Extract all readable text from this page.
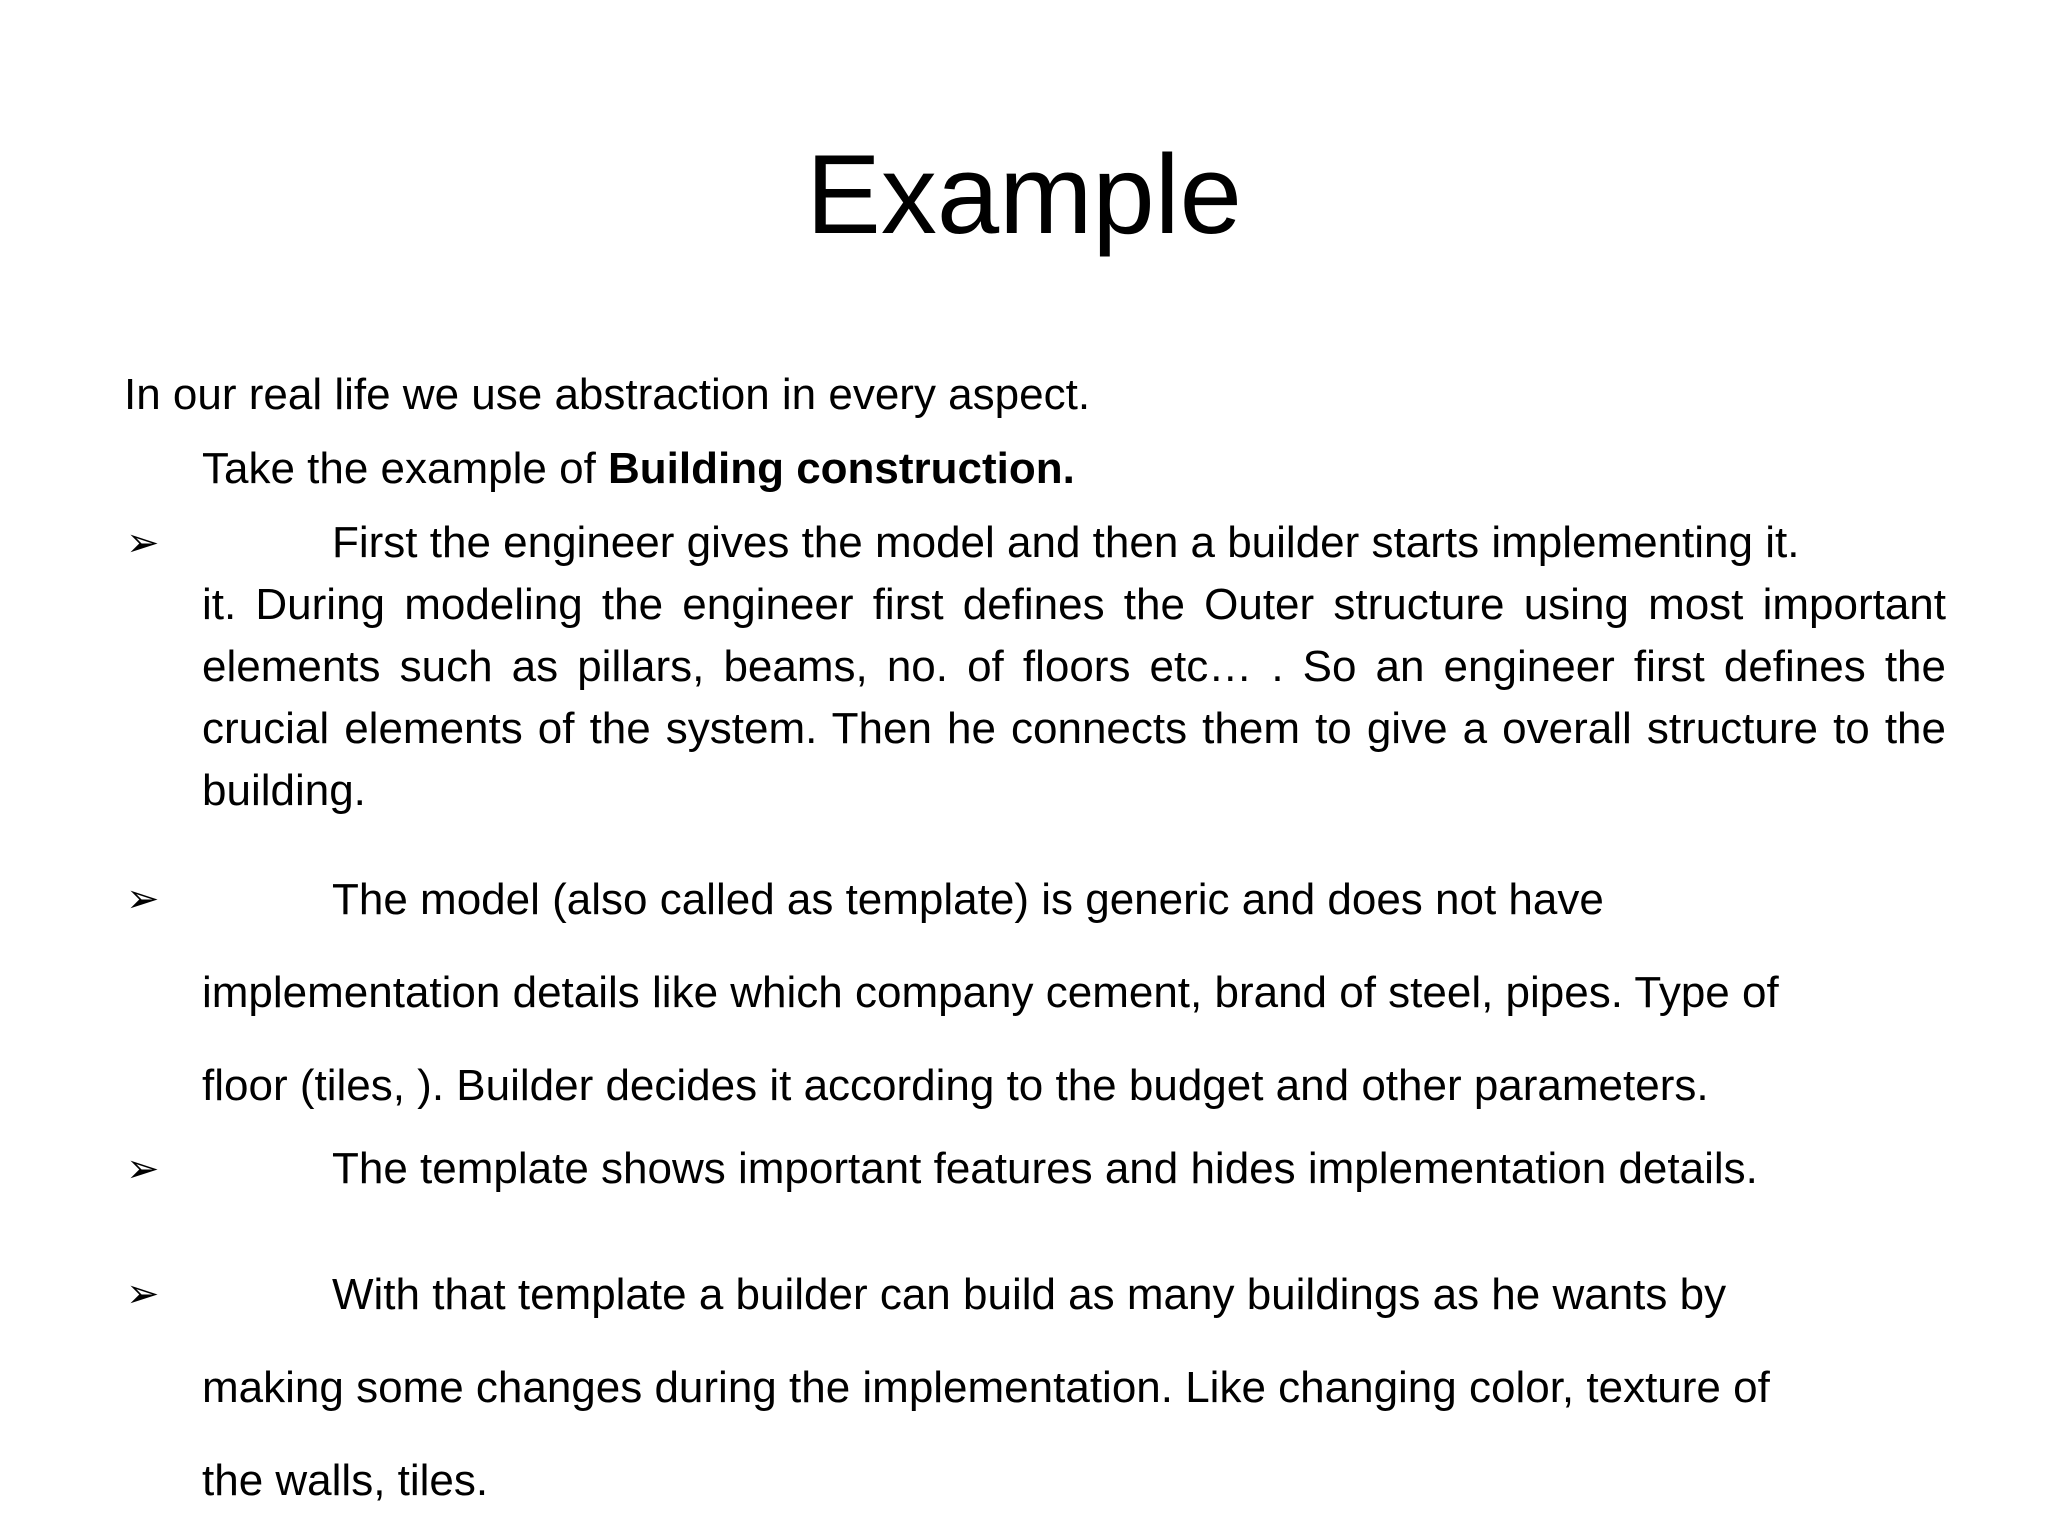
Example
In our real life we use abstraction in every aspect.
Take the example of Building construction.
➢	First the engineer gives the model and then a builder starts implementing it.
it. During modeling the engineer first defines the Outer structure using most important elements such as pillars, beams, no. of floors etc… . So an engineer first defines the crucial elements of the system. Then he connects them to give a overall structure to the building.
➢	The model (also called as template) is generic and does not have
implementation details like which company cement, brand of steel, pipes. Type of
floor (tiles, ). Builder decides it according to the budget and other parameters.
➢	The template shows important features and hides implementation details.
➢	With that template a builder can build as many buildings as he wants by
making some changes during the implementation. Like changing color, texture of
the walls, tiles.
